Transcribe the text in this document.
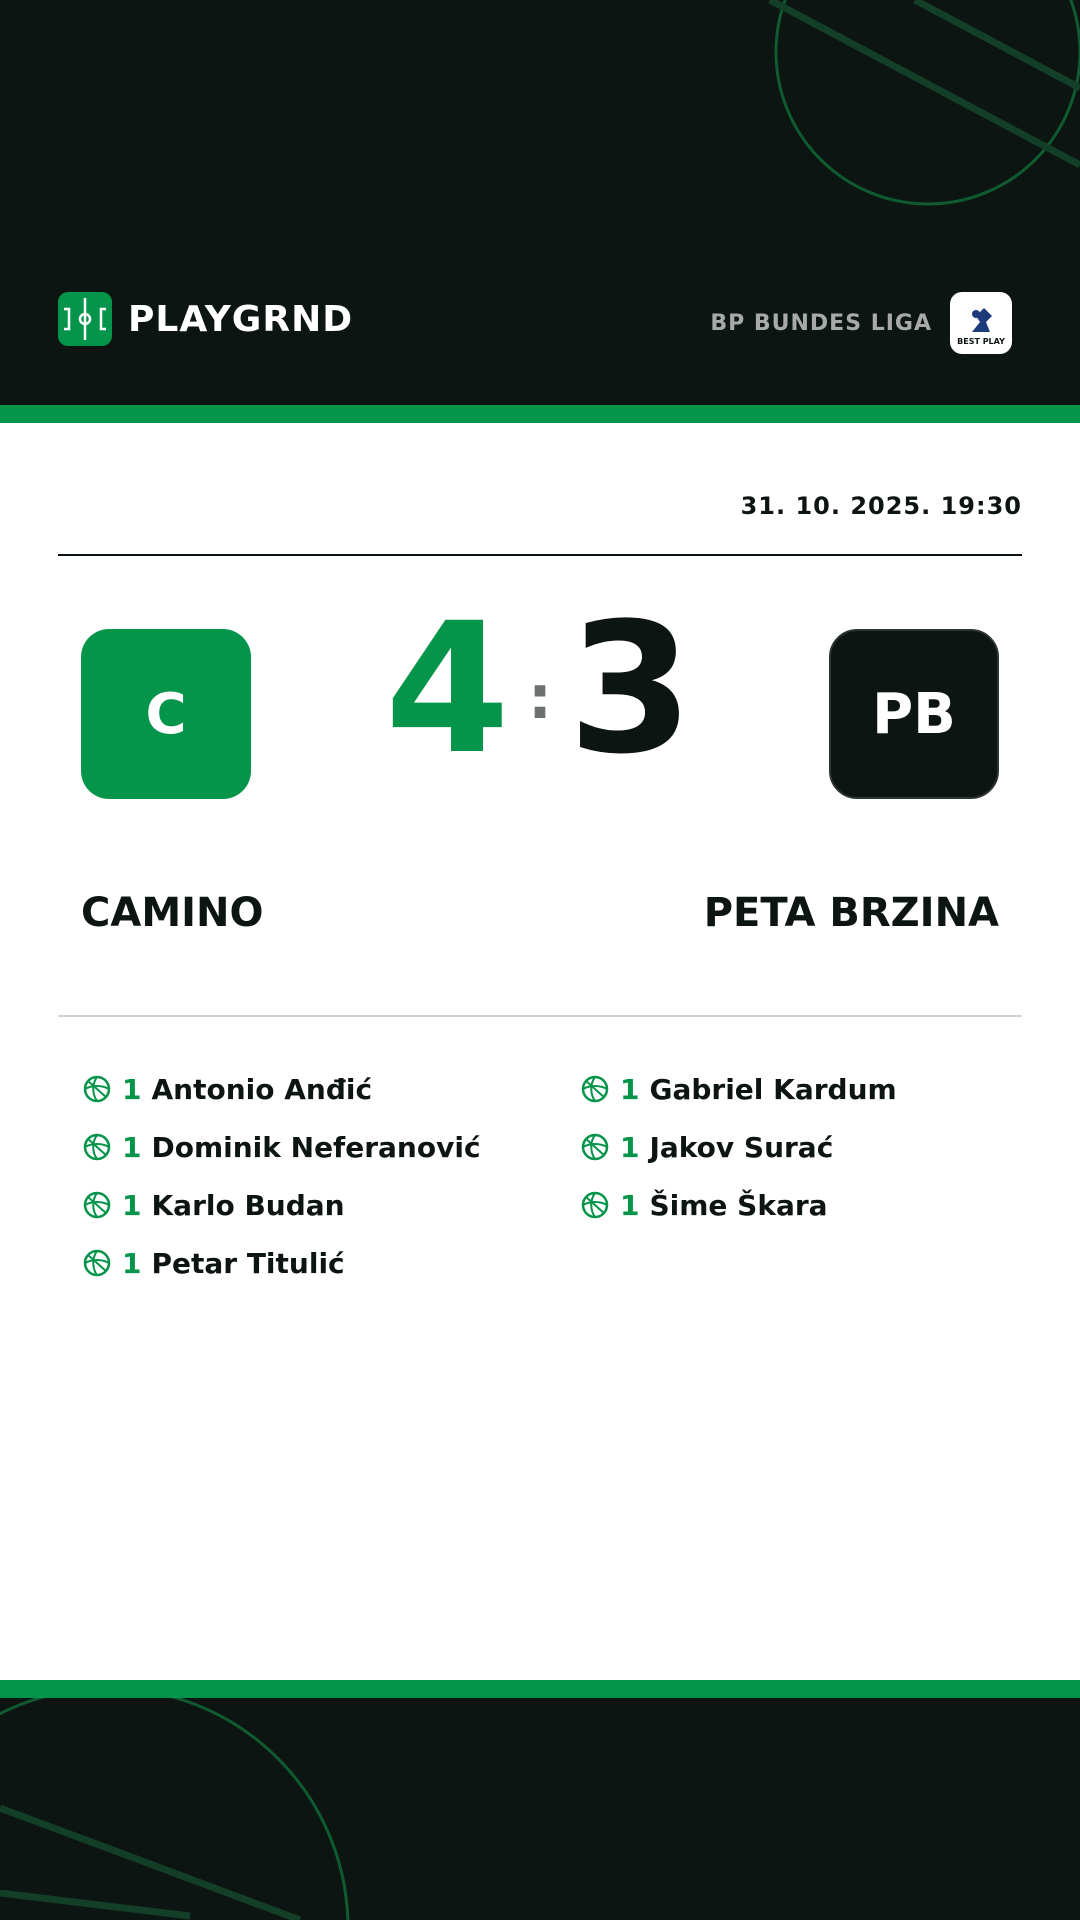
PLAYGRND	BP BUNDES LIGA
BEST PLAY
31. 10. 2025. 19:30
C	4 : 3	PB
CAMINO	PETA BRZINA
1 Antonio Anđić
1 Dominik Neferanović
1 Karlo Budan
1 Petar Titulić
1 Gabriel Kardum
1 Jakov Surać
1 Šime Škara
